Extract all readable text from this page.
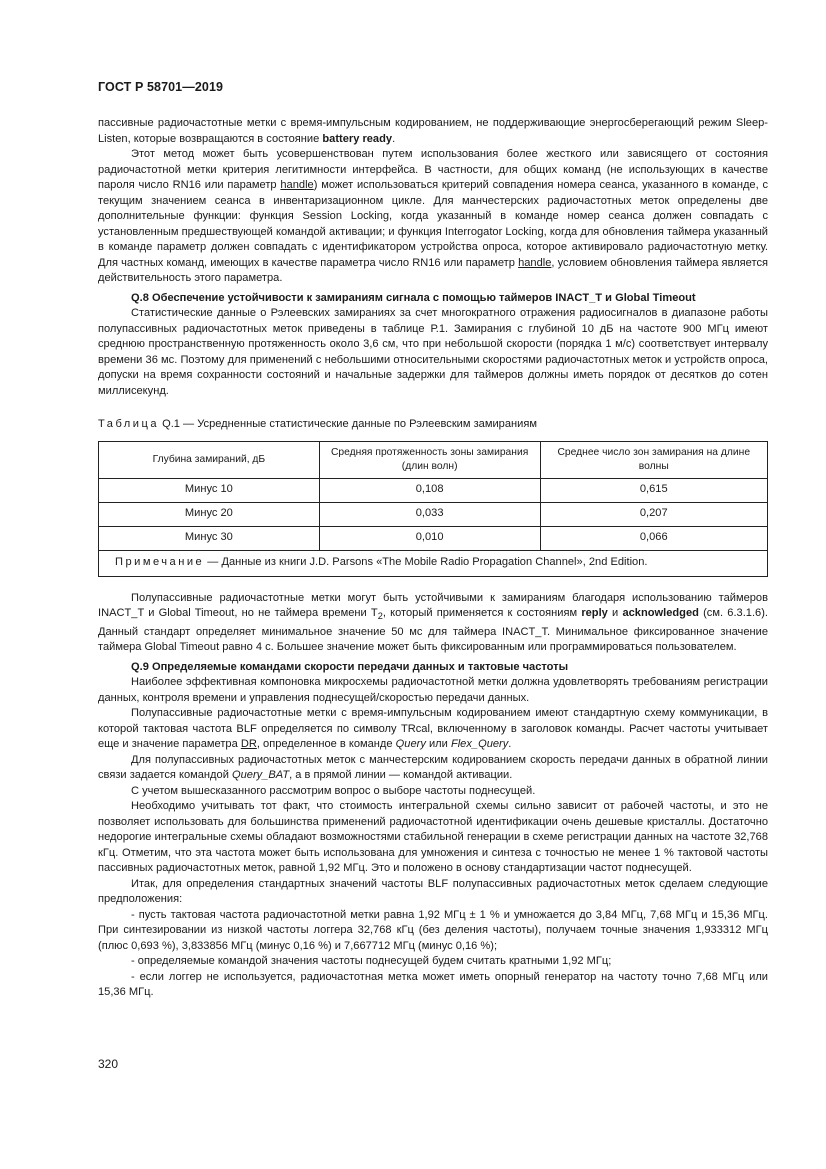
ГОСТ Р 58701—2019

пассивные радиочастотные метки с время-импульсным кодированием, не поддерживающие энергосберегающий режим Sleep-Listen, которые возвращаются в состояние battery ready.

Этот метод может быть усовершенствован путем использования более жесткого или зависящего от состояния радиочастотной метки критерия легитимности интерфейса. В частности, для общих команд (не использующих в качестве пароля число RN16 или параметр handle) может использоваться критерий совпадения номера сеанса, указанного в команде, с текущим значением сеанса в инвентаризационном цикле. Для манчестерских радиочастотных меток определены две дополнительные функции: функция Session Locking, когда указанный в команде номер сеанса должен совпадать с установленным предшествующей командой активации; и функция Interrogator Locking, когда для обновления таймера указанный в команде параметр должен совпадать с идентификатором устройства опроса, которое активировало радиочастотную метку. Для частных команд, имеющих в качестве параметра число RN16 или параметр handle, условием обновления таймера является действительность этого параметра.

Q.8 Обеспечение устойчивости к замираниям сигнала с помощью таймеров INACT_T и Global Timeout

Статистические данные о Рэлеевских замираниях за счет многократного отражения радиосигналов в диапазоне работы полупассивных радиочастотных меток приведены в таблице Р.1. Замирания с глубиной 10 дБ на частоте 900 МГц имеют среднюю пространственную протяженность около 3,6 см, что при небольшой скорости (порядка 1 м/с) соответствует интервалу времени 36 мс. Поэтому для применений с небольшими относительными скоростями радиочастотных меток и устройств опроса, допуски на время сохранности состояний и начальные задержки для таймеров должны иметь порядок от десятков до сотен миллисекунд.

Таблица Q.1 — Усредненные статистические данные по Рэлеевским замираниям

Глубина замираний, дБ	Средняя протяженность зоны замирания (длин волн)	Среднее число зон замирания на длине волны
Минус 10	0,108	0,615
Минус 20	0,033	0,207
Минус 30	0,010	0,066
Примечание — Данные из книги J.D. Parsons «The Mobile Radio Propagation Channel», 2nd Edition.		

Полупассивные радиочастотные метки могут быть устойчивыми к замираниям благодаря использованию таймеров INACT_T и Global Timeout, но не таймера времени $T_2$, который применяется к состояниям reply и acknowledged (см. 6.3.1.6). Данный стандарт определяет минимальное значение 50 мс для таймера INACT_T. Минимальное фиксированное значение таймера Global Timeout равно 4 с. Большее значение может быть фиксированным или программироваться пользователем.

Q.9 Определяемые командами скорости передачи данных и тактовые частоты

Наиболее эффективная компоновка микросхемы радиочастотной метки должна удовлетворять требованиям регистрации данных, контроля времени и управления поднесущей/скоростью передачи данных.

Полупассивные радиочастотные метки с время-импульсным кодированием имеют стандартную схему коммуникации, в которой тактовая частота BLF определяется по символу TRcal, включенному в заголовок команды. Расчет частоты учитывает еще и значение параметра DR, определенное в команде Query или Flex_Query.

Для полупассивных радиочастотных меток с манчестерским кодированием скорость передачи данных в обратной линии связи задается командой Query_BAT, а в прямой линии — командой активации.

С учетом вышесказанного рассмотрим вопрос о выборе частоты поднесущей.

Необходимо учитывать тот факт, что стоимость интегральной схемы сильно зависит от рабочей частоты, и это не позволяет использовать для большинства применений радиочастотной идентификации очень дешевые кристаллы. Достаточно недорогие интегральные схемы обладают возможностями стабильной генерации в схеме регистрации данных на частоте 32,768 кГц. Отметим, что эта частота может быть использована для умножения и синтеза с точностью не менее 1 % тактовой частоты пассивных радиочастотных меток, равной 1,92 МГц. Это и положено в основу стандартизации частот поднесущей.

Итак, для определения стандартных значений частоты BLF полупассивных радиочастотных меток сделаем следующие предположения:

- пусть тактовая частота радиочастотной метки равна 1,92 МГц ± 1 % и умножается до 3,84 МГц, 7,68 МГц и 15,36 МГц. При синтезировании из низкой частоты логгера 32,768 кГц (без деления частоты), получаем точные значения 1,933312 МГц (плюс 0,693 %), 3,833856 МГц (минус 0,16 %) и 7,667712 МГц (минус 0,16 %);

- определяемые командой значения частоты поднесущей будем считать кратными 1,92 МГц;

- если логгер не используется, радиочастотная метка может иметь опорный генератор на частоту точно 7,68 МГц или 15,36 МГц.

320
